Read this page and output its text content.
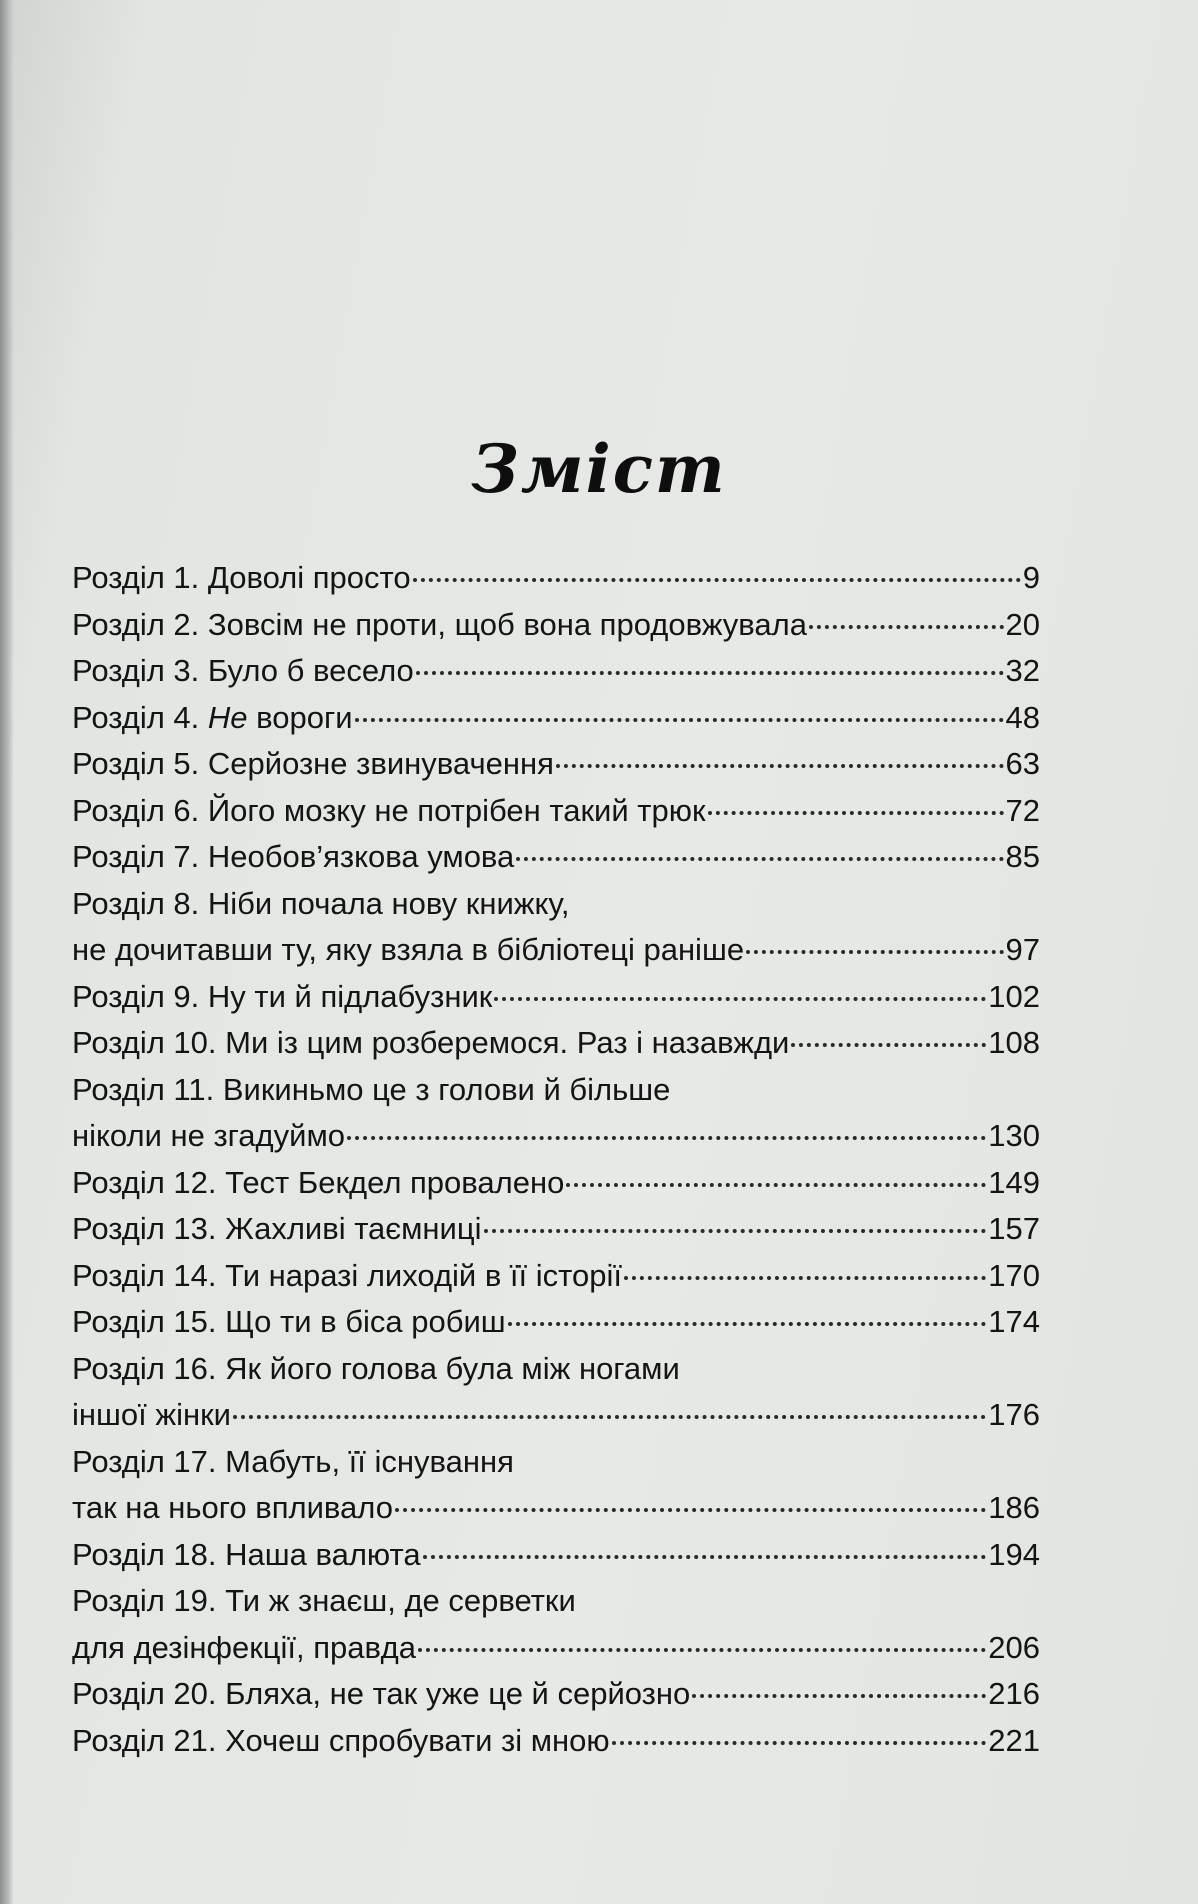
Зміст
Розділ 1. Доволі просто	9
Розділ 2. Зовсім не проти, щоб вона продовжувала	20
Розділ 3. Було б весело	32
Розділ 4. Не вороги	48
Розділ 5. Серйозне звинувачення	63
Розділ 6. Його мозку не потрібен такий трюк	72
Розділ 7. Необов’язкова умова	85
Розділ 8. Ніби почала нову книжку,
не дочитавши ту, яку взяла в бібліотеці раніше	97
Розділ 9. Ну ти й підлабузник	102
Розділ 10. Ми із цим розберемося. Раз і назавжди	108
Розділ 11. Викиньмо це з голови й більше
ніколи не згадуймо	130
Розділ 12. Тест Бекдел провалено	149
Розділ 13. Жахливі таємниці	157
Розділ 14. Ти наразі лиходій в її історії	170
Розділ 15. Що ти в біса робиш	174
Розділ 16. Як його голова була між ногами
іншої жінки	176
Розділ 17. Мабуть, її існування
так на нього впливало	186
Розділ 18. Наша валюта	194
Розділ 19. Ти ж знаєш, де серветки
для дезінфекції, правда	206
Розділ 20. Бляха, не так уже це й серйозно	216
Розділ 21. Хочеш спробувати зі мною	221
